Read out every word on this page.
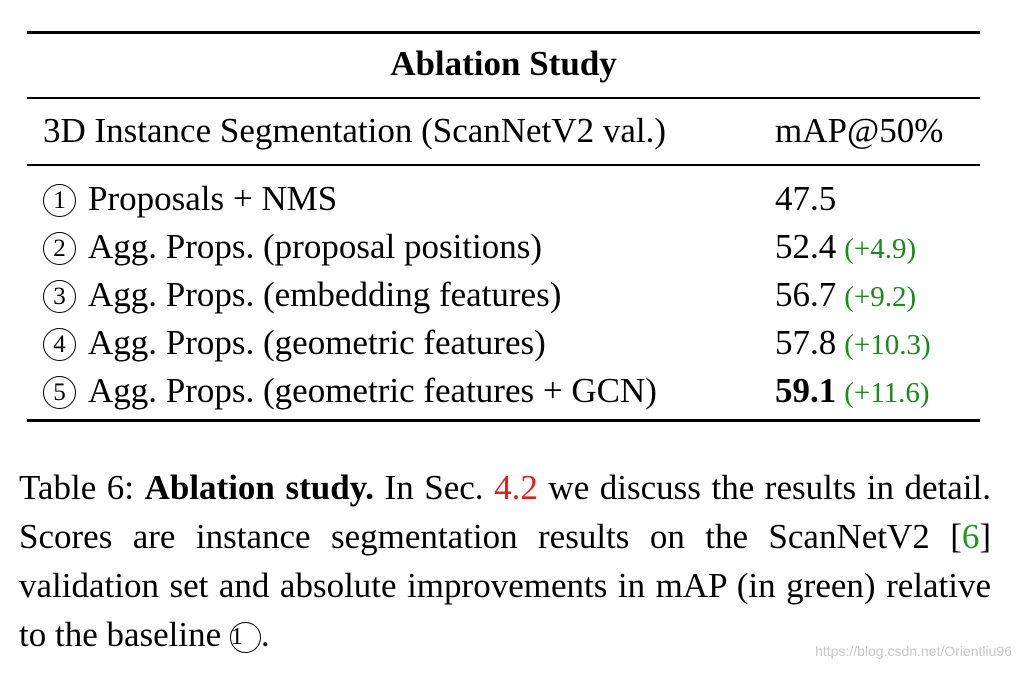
Ablation Study
3D Instance Segmentation (ScanNetV2 val.)	mAP@50%
1 Proposals + NMS	47.5
2 Agg. Props. (proposal positions)	52.4 (+4.9)
3 Agg. Props. (embedding features)	56.7 (+9.2)
4 Agg. Props. (geometric features)	57.8 (+10.3)
5 Agg. Props. (geometric features + GCN)	59.1 (+11.6)
Table 6: Ablation study. In Sec. 4.2 we discuss the results in detail. Scores are instance segmentation results on the ScanNetV2 [6] validation set and absolute improvements in mAP (in green) relative to the baseline 1 .	https://blog.csdn.net/Orientliu96
